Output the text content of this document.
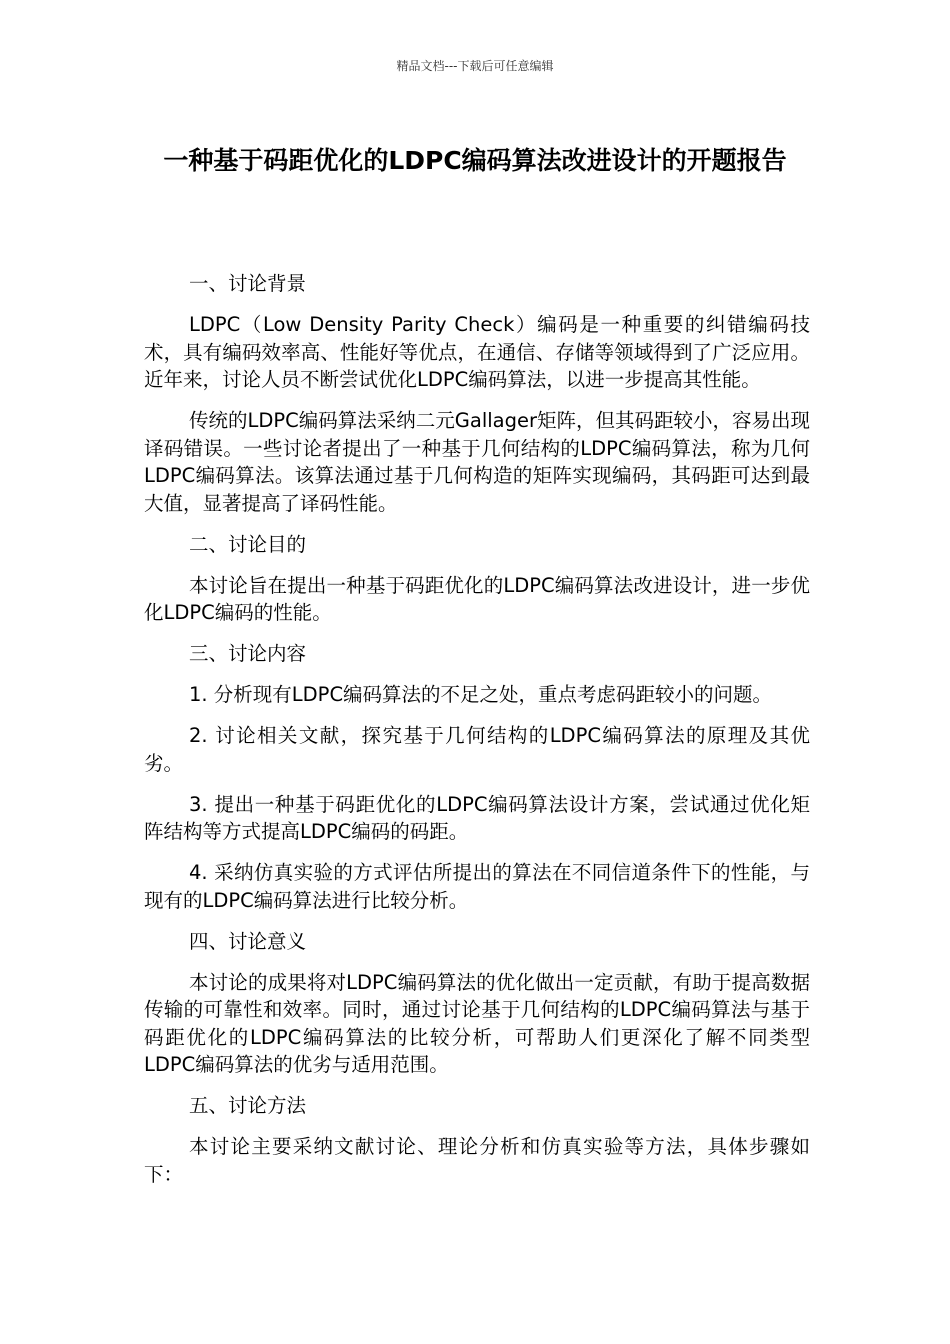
精品文档---下载后可任意编辑
一种基于码距优化的LDPC编码算法改进设计的开题报告
一、讨论背景

LDPC（Low Density Parity Check）编码是一种重要的纠错编码技术，具有编码效率高、性能好等优点，在通信、存储等领域得到了广泛应用。近年来，讨论人员不断尝试优化LDPC编码算法，以进一步提高其性能。

传统的LDPC编码算法采纳二元Gallager矩阵，但其码距较小，容易出现译码错误。一些讨论者提出了一种基于几何结构的LDPC编码算法，称为几何LDPC编码算法。该算法通过基于几何构造的矩阵实现编码，其码距可达到最大值，显著提高了译码性能。

二、讨论目的

本讨论旨在提出一种基于码距优化的LDPC编码算法改进设计，进一步优化LDPC编码的性能。

三、讨论内容

1. 分析现有LDPC编码算法的不足之处，重点考虑码距较小的问题。

2. 讨论相关文献，探究基于几何结构的LDPC编码算法的原理及其优劣。

3. 提出一种基于码距优化的LDPC编码算法设计方案，尝试通过优化矩阵结构等方式提高LDPC编码的码距。

4. 采纳仿真实验的方式评估所提出的算法在不同信道条件下的性能，与现有的LDPC编码算法进行比较分析。

四、讨论意义

本讨论的成果将对LDPC编码算法的优化做出一定贡献，有助于提高数据传输的可靠性和效率。同时，通过讨论基于几何结构的LDPC编码算法与基于码距优化的LDPC编码算法的比较分析，可帮助人们更深化了解不同类型LDPC编码算法的优劣与适用范围。

五、讨论方法

本讨论主要采纳文献讨论、理论分析和仿真实验等方法，具体步骤如下：
